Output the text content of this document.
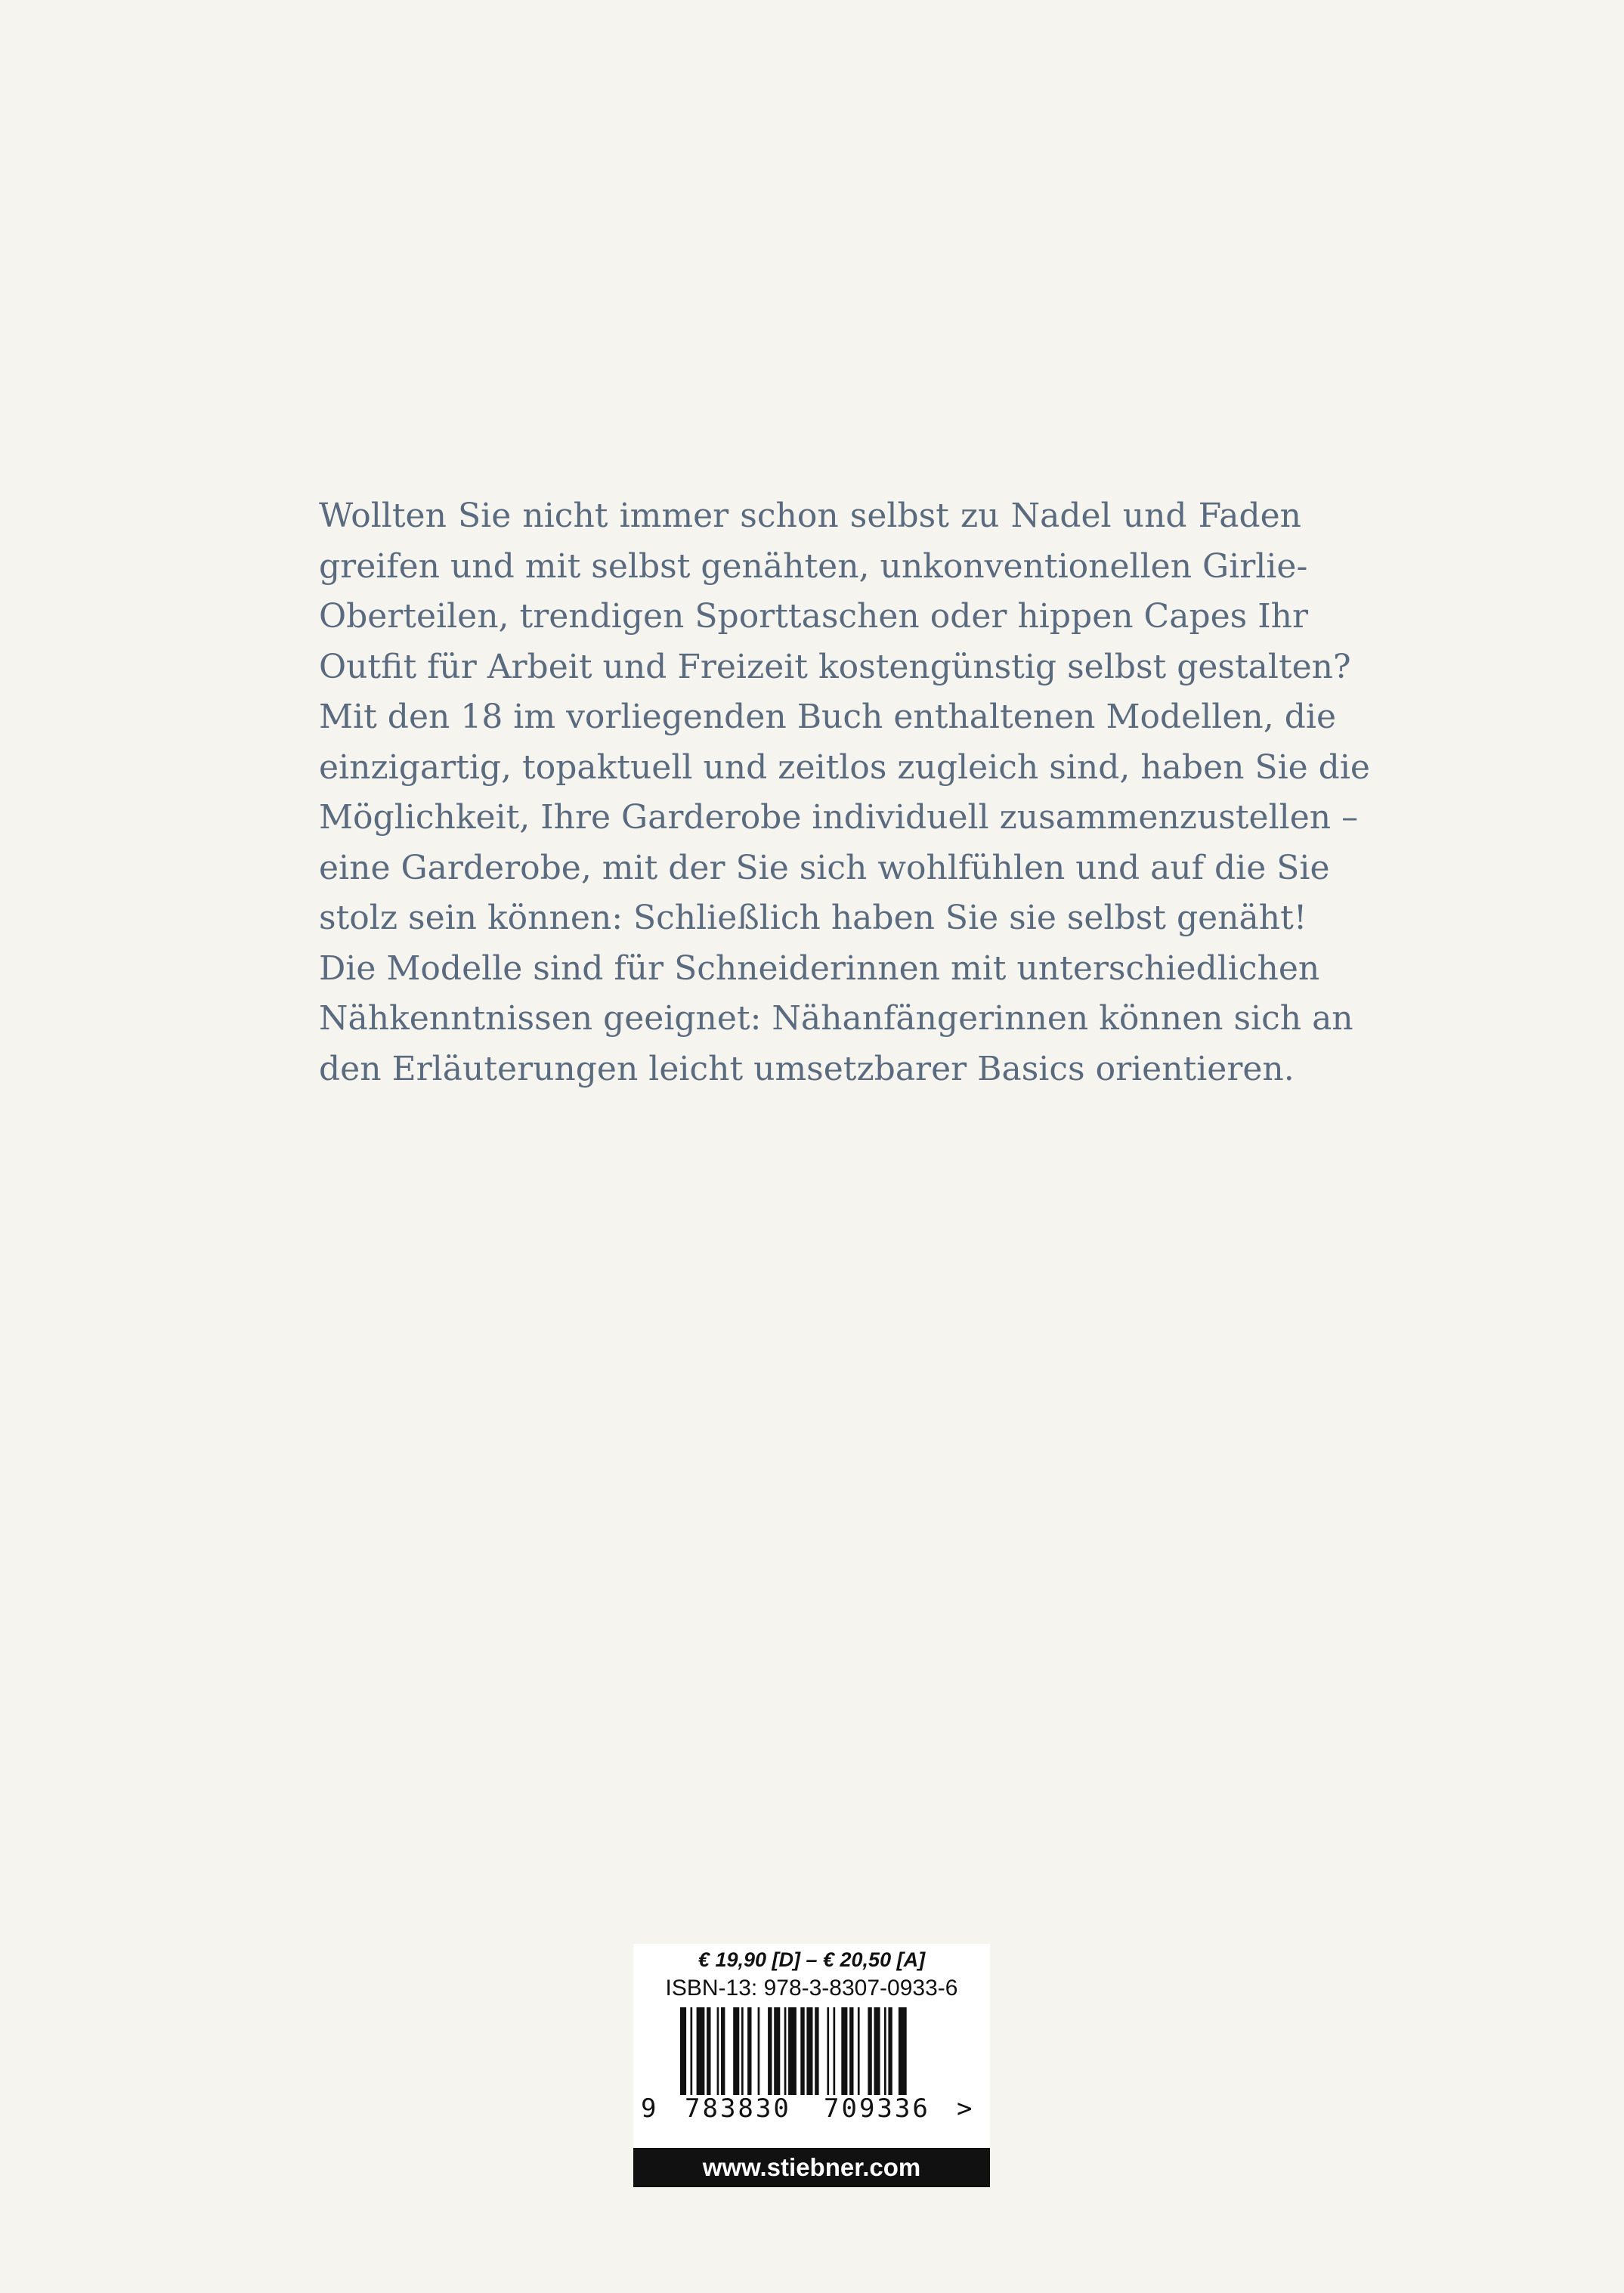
Wollten Sie nicht immer schon selbst zu Nadel und Faden
greifen und mit selbst genähten, unkonventionellen Girlie-
Oberteilen, trendigen Sporttaschen oder hippen Capes Ihr
Outfit für Arbeit und Freizeit kostengünstig selbst gestalten?
Mit den 18 im vorliegenden Buch enthaltenen Modellen, die
einzigartig, topaktuell und zeitlos zugleich sind, haben Sie die
Möglichkeit, Ihre Garderobe individuell zusammenzustellen –
eine Garderobe, mit der Sie sich wohlfühlen und auf die Sie
stolz sein können: Schließlich haben Sie sie selbst genäht!
Die Modelle sind für Schneiderinnen mit unterschiedlichen
Nähkenntnissen geeignet: Nähanfängerinnen können sich an
den Erläuterungen leicht umsetzbarer Basics orientieren.
€ 19,90 [D] – € 20,50 [A]
ISBN-13: 978-3-8307-0933-6
9	783830	709336	>
www.stiebner.com
